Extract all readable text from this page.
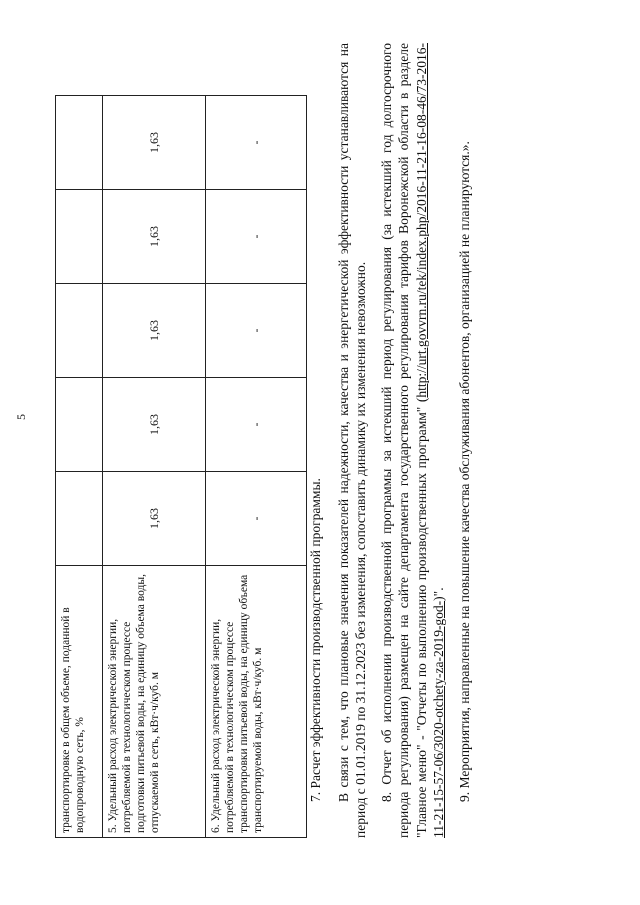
5
транспортировке в общем объеме, поданной в водопроводную сеть, %					
5. Удельный расход электрической энергии, потребляемой в технологическом процессе подготовки питьевой воды, на единицу объема воды, отпускаемой в сеть, кВт·ч/куб. м	1,63	1,63	1,63	1,63	1,63
6. Удельный расход электрической энергии, потребляемой в технологическом процессе транспортировки питьевой воды, на единицу объема транспортируемой воды, кВт·ч/куб. м	-	-	-	-	-

7. Расчет эффективности производственной программы. В связи с тем, что плановые значения показателей надежности, качества и энергетической эффективности устанавливаются на период с 01.01.2019 по 31.12.2023 без изменения, сопоставить динамику их изменения невозможно. 8. Отчет об исполнении производственной программы за истекший период регулирования (за истекший год долгосрочного периода регулирования) размещен на сайте департамента государственного регулирования тарифов Воронежской области в разделе "Главное меню" - "Отчеты по выполнению производственных программ" (http://urt.govvrn.ru/tek/index.php/2016-11-21-16-08-46/73-2016-11-21-15-57-06/3020-otchety-za-2019-god-)". 9. Мероприятия, направленные на повышение качества обслуживания абонентов, организацией не планируются.».
